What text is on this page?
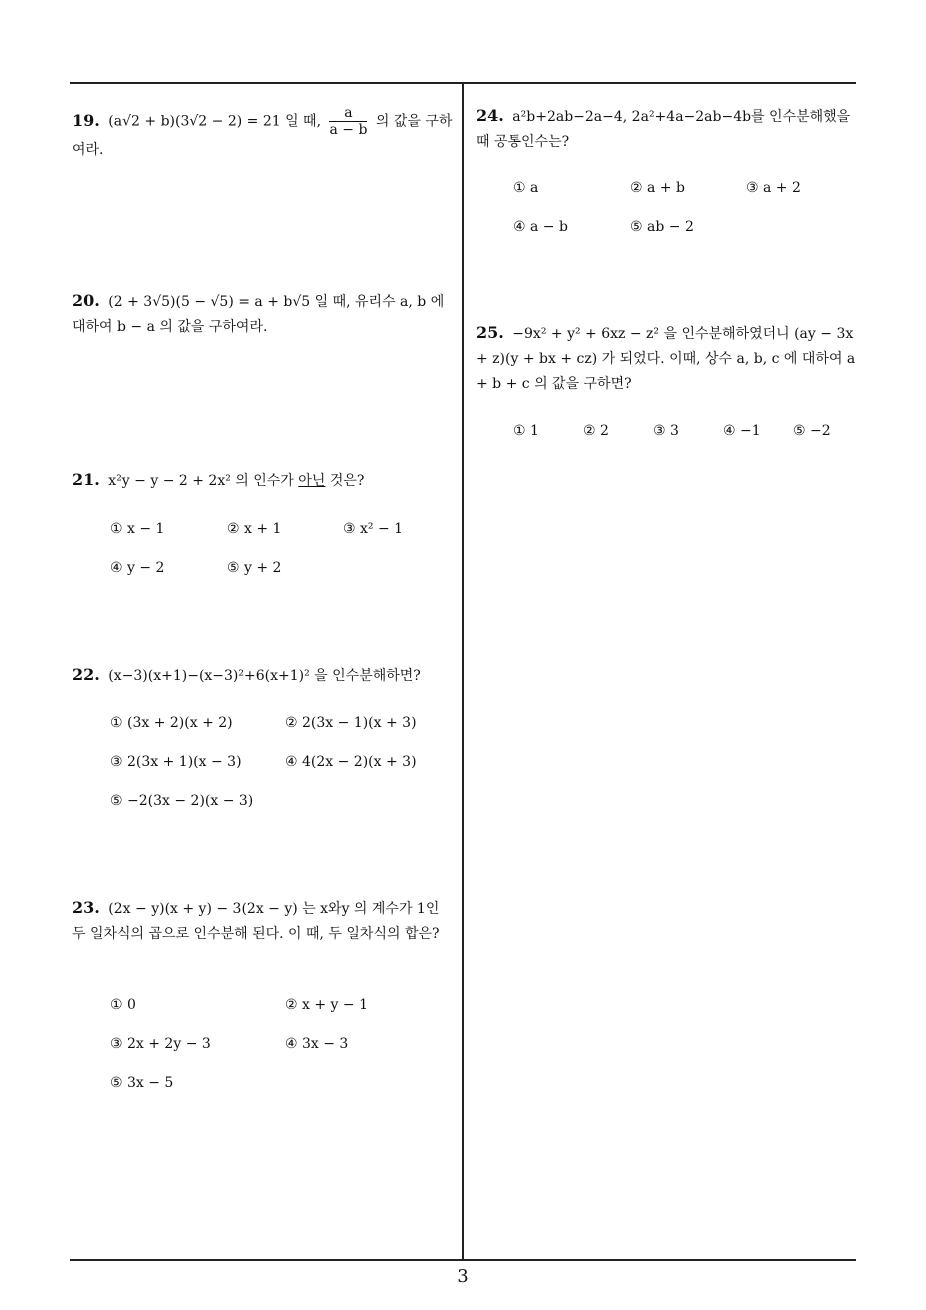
19. (a√2 + b)(3√2 − 2) = 21 일 때, $\frac{a}{a - b}$ 의 값을 구하여라.
20. (2 + 3√5)(5 − √5) = a + b√5 일 때, 유리수 a, b 에 대하여 b − a 의 값을 구하여라.
21. x²y − y − 2 + 2x² 의 인수가 아닌 것은?
① x − 1	② x + 1	③ x² − 1
④ y − 2	⑤ y + 2
22. (x−3)(x+1)−(x−3)²+6(x+1)² 을 인수분해하면?
① (3x + 2)(x + 2)	② 2(3x − 1)(x + 3)
③ 2(3x + 1)(x − 3)	④ 4(2x − 2)(x + 3)
⑤ −2(3x − 2)(x − 3)
23. (2x − y)(x + y) − 3(2x − y) 는 x와y 의 계수가 1인 두 일차식의 곱으로 인수분해 된다. 이 때, 두 일차식의 합은?
① 0	② x + y − 1
③ 2x + 2y − 3	④ 3x − 3
⑤ 3x − 5
24. a²b+2ab−2a−4, 2a²+4a−2ab−4b를 인수분해했을 때 공통인수는?
① a	② a + b	③ a + 2
④ a − b	⑤ ab − 2
25. −9x² + y² + 6xz − z² 을 인수분해하였더니 (ay − 3x + z)(y + bx + cz) 가 되었다. 이때, 상수 a, b, c 에 대하여 a + b + c 의 값을 구하면?
① 1	② 2	③ 3	④ −1 ⑤ −2
3
